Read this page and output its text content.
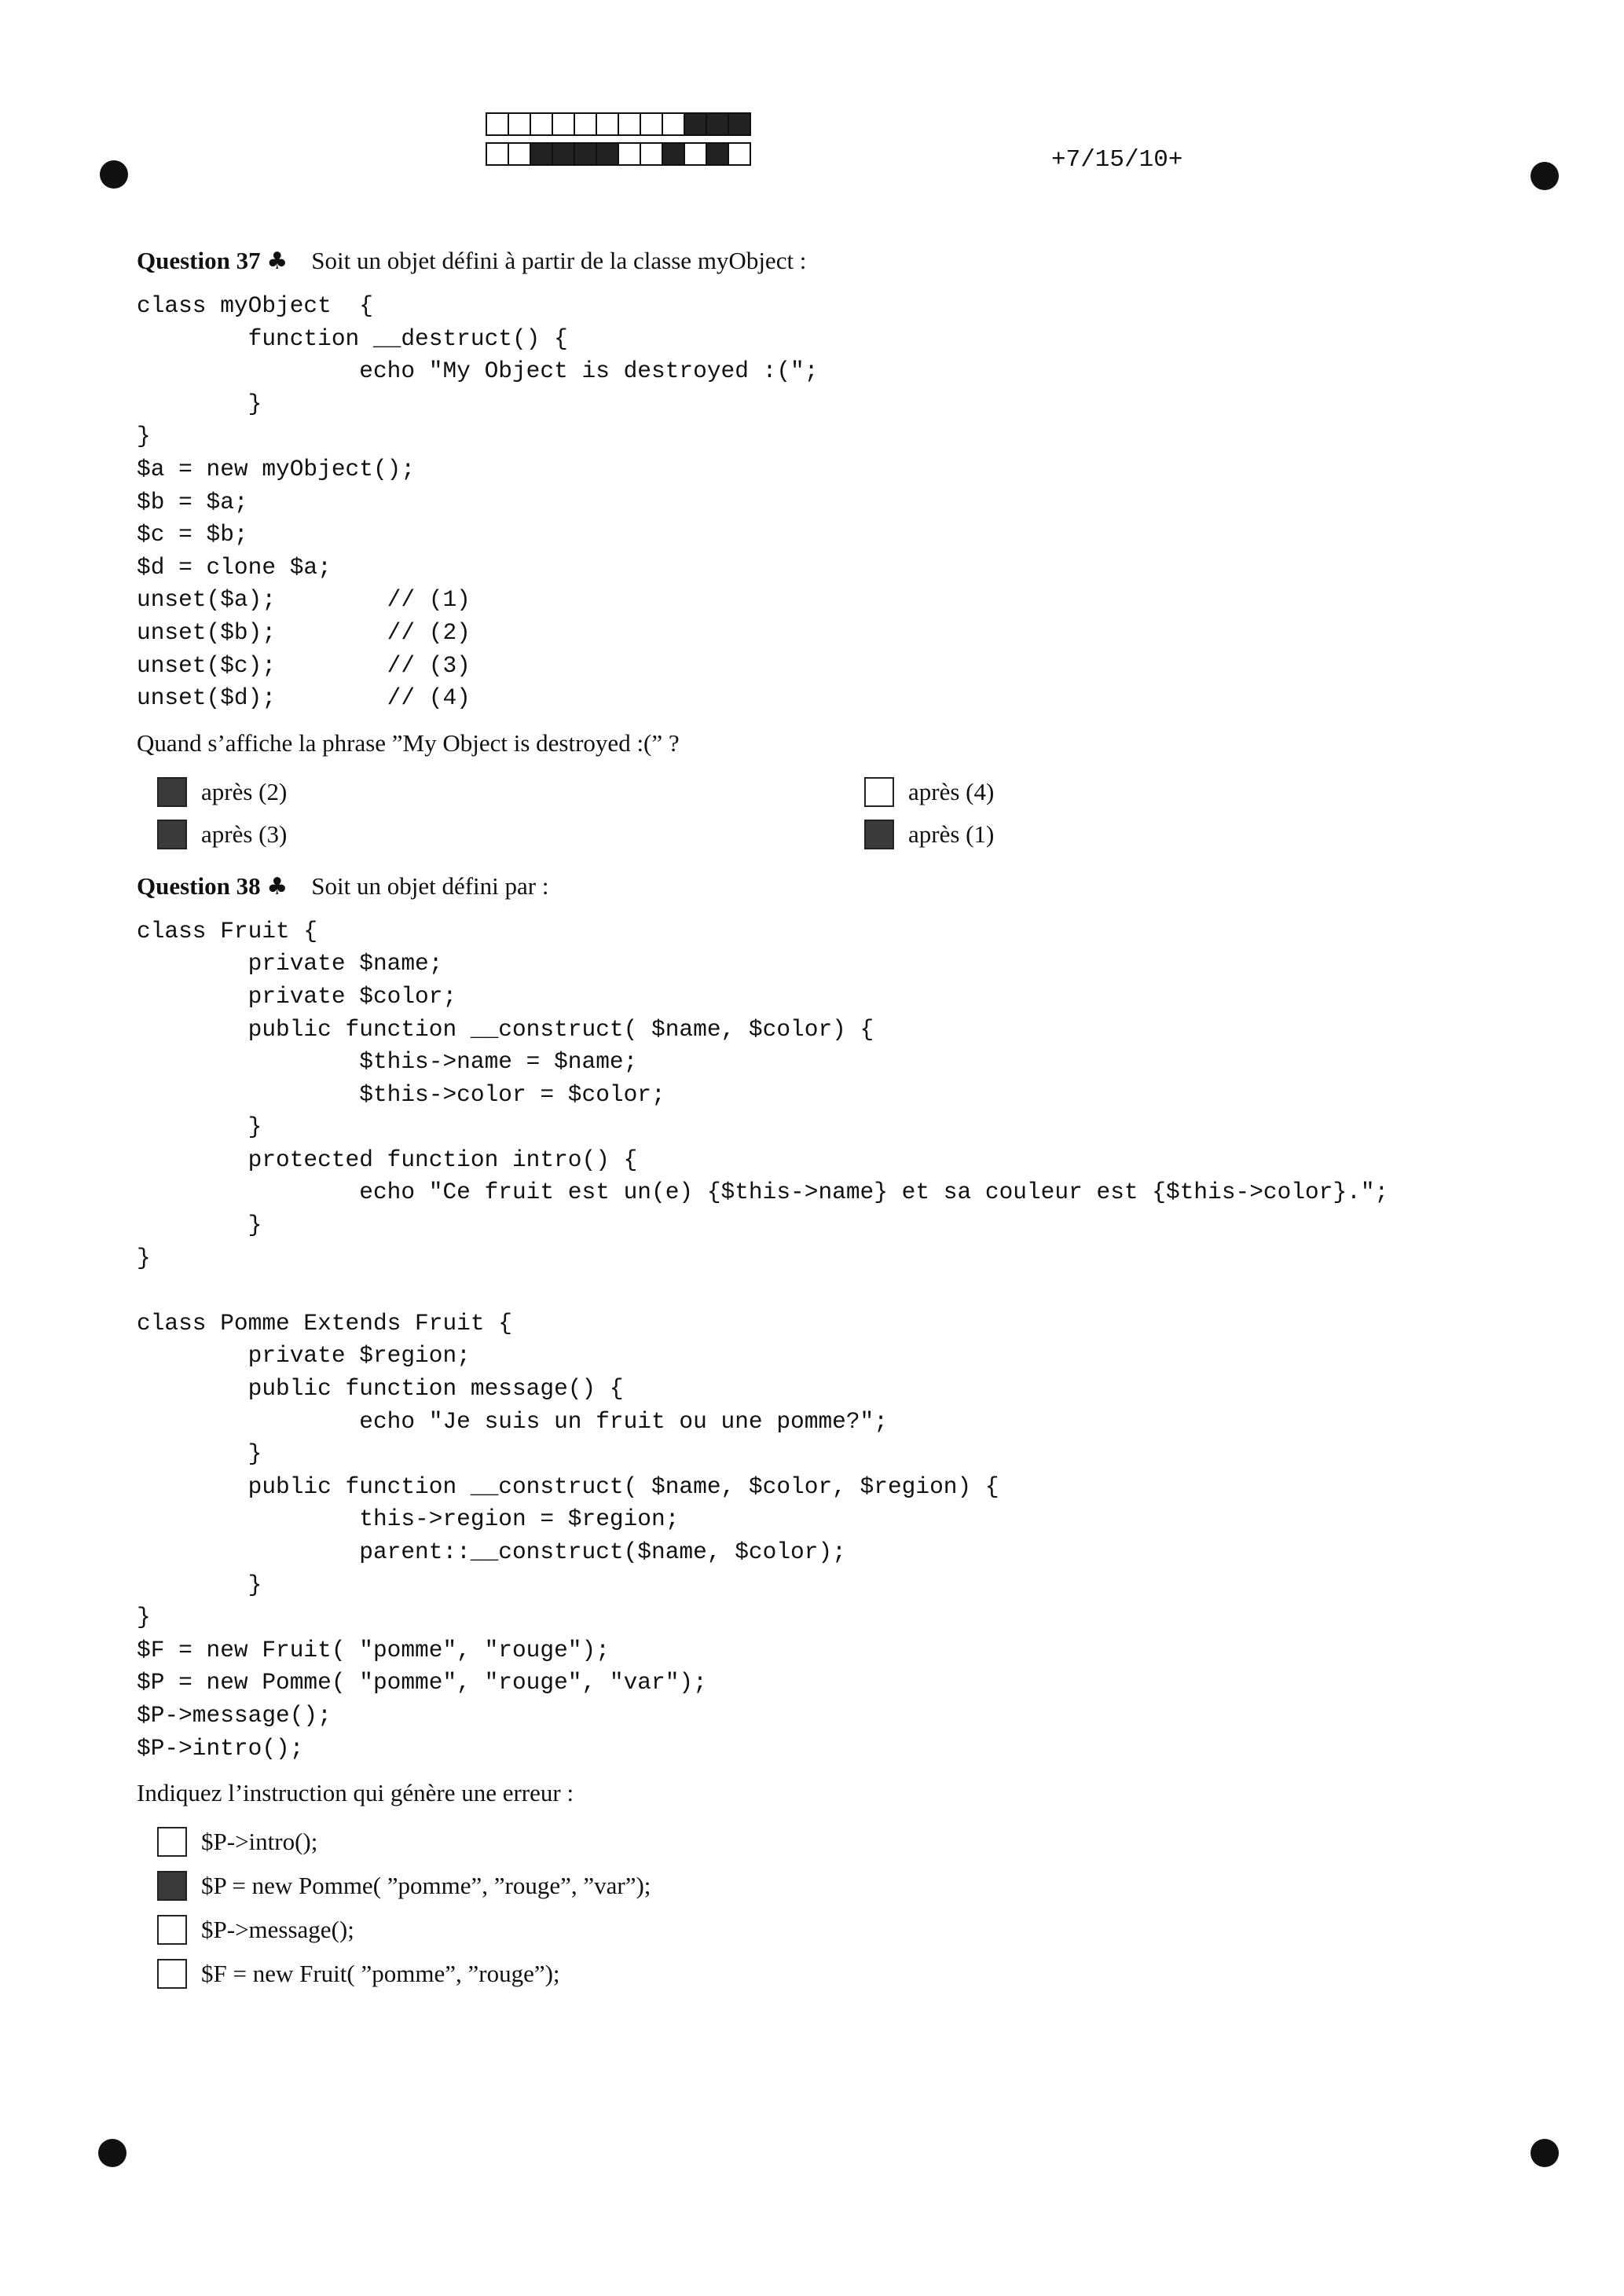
+7/15/10+

Question 37 ♣ Soit un objet défini à partir de la classe myObject :

class myObject  {
function __destruct() {
echo "My Object is destroyed :(";
}
}
$a = new myObject();
$b = $a;
$c = $b;
$d = clone $a;
unset($a);        // (1)
unset($b);        // (2)
unset($c);        // (3)
unset($d);        // (4)

Quand s’affiche la phrase ”My Object is destroyed :(” ?

après (2)	après (4)
après (3)	après (1)

Question 38 ♣ Soit un objet défini par :

class Fruit {
private $name;
private $color;
public function __construct( $name, $color) {
$this->name = $name;
$this->color = $color;
}
protected function intro() {
echo "Ce fruit est un(e) {$this->name} et sa couleur est {$this->color}.";
}
}

class Pomme Extends Fruit {
private $region;
public function message() {
echo "Je suis un fruit ou une pomme?";
}
public function __construct( $name, $color, $region) {
this->region = $region;
parent::__construct($name, $color);
}
}
$F = new Fruit( "pomme", "rouge");
$P = new Pomme( "pomme", "rouge", "var");
$P->message();
$P->intro();

Indiquez l’instruction qui génère une erreur :

$P->intro();
$P = new Pomme( ”pomme”, ”rouge”, ”var”);
$P->message();
$F = new Fruit( ”pomme”, ”rouge”);
